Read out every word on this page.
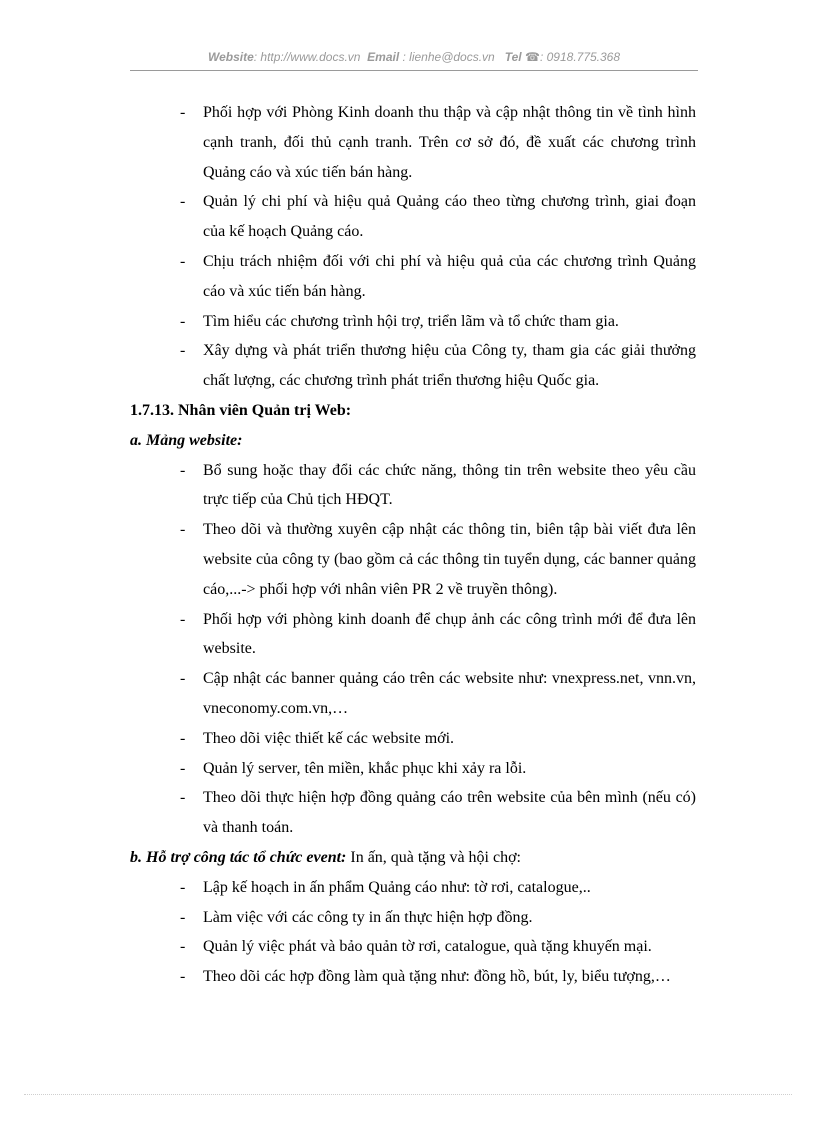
Website: http://www.docs.vn Email : lienhe@docs.vn Tel ☎: 0918.775.368
- Phối hợp với Phòng Kinh doanh thu thập và cập nhật thông tin về tình hình cạnh tranh, đối thủ cạnh tranh. Trên cơ sở đó, đề xuất các chương trình Quảng cáo và xúc tiến bán hàng.
- Quản lý chi phí và hiệu quả Quảng cáo theo từng chương trình, giai đoạn của kế hoạch Quảng cáo.
- Chịu trách nhiệm đối với chi phí và hiệu quả của các chương trình Quảng cáo và xúc tiến bán hàng.
- Tìm hiểu các chương trình hội trợ, triển lãm và tổ chức tham gia.
- Xây dựng và phát triển thương hiệu của Công ty, tham gia các giải thưởng chất lượng, các chương trình phát triển thương hiệu Quốc gia.
1.7.13. Nhân viên Quản trị Web:
a. Mảng website:
- Bổ sung hoặc thay đổi các chức năng, thông tin trên website theo yêu cầu trực tiếp của Chủ tịch HĐQT.
- Theo dõi và thường xuyên cập nhật các thông tin, biên tập bài viết đưa lên website của công ty (bao gồm cả các thông tin tuyển dụng, các banner quảng cáo,...-> phối hợp với nhân viên PR 2 về truyền thông).
- Phối hợp với phòng kinh doanh để chụp ảnh các công trình mới để đưa lên website.
- Cập nhật các banner quảng cáo trên các website như: vnexpress.net, vnn.vn, vneconomy.com.vn,…
- Theo dõi việc thiết kế các website mới.
- Quản lý server, tên miền, khắc phục khi xảy ra lỗi.
- Theo dõi thực hiện hợp đồng quảng cáo trên website của bên mình (nếu có) và thanh toán.
b. Hỗ trợ công tác tổ chức event: In ấn, quà tặng và hội chợ:
- Lập kế hoạch in ấn phẩm Quảng cáo như: tờ rơi, catalogue,..
- Làm việc với các công ty in ấn thực hiện hợp đồng.
- Quản lý việc phát và bảo quản tờ rơi, catalogue, quà tặng khuyến mại.
- Theo dõi các hợp đồng làm quà tặng như: đồng hồ, bút, ly, biểu tượng,…
